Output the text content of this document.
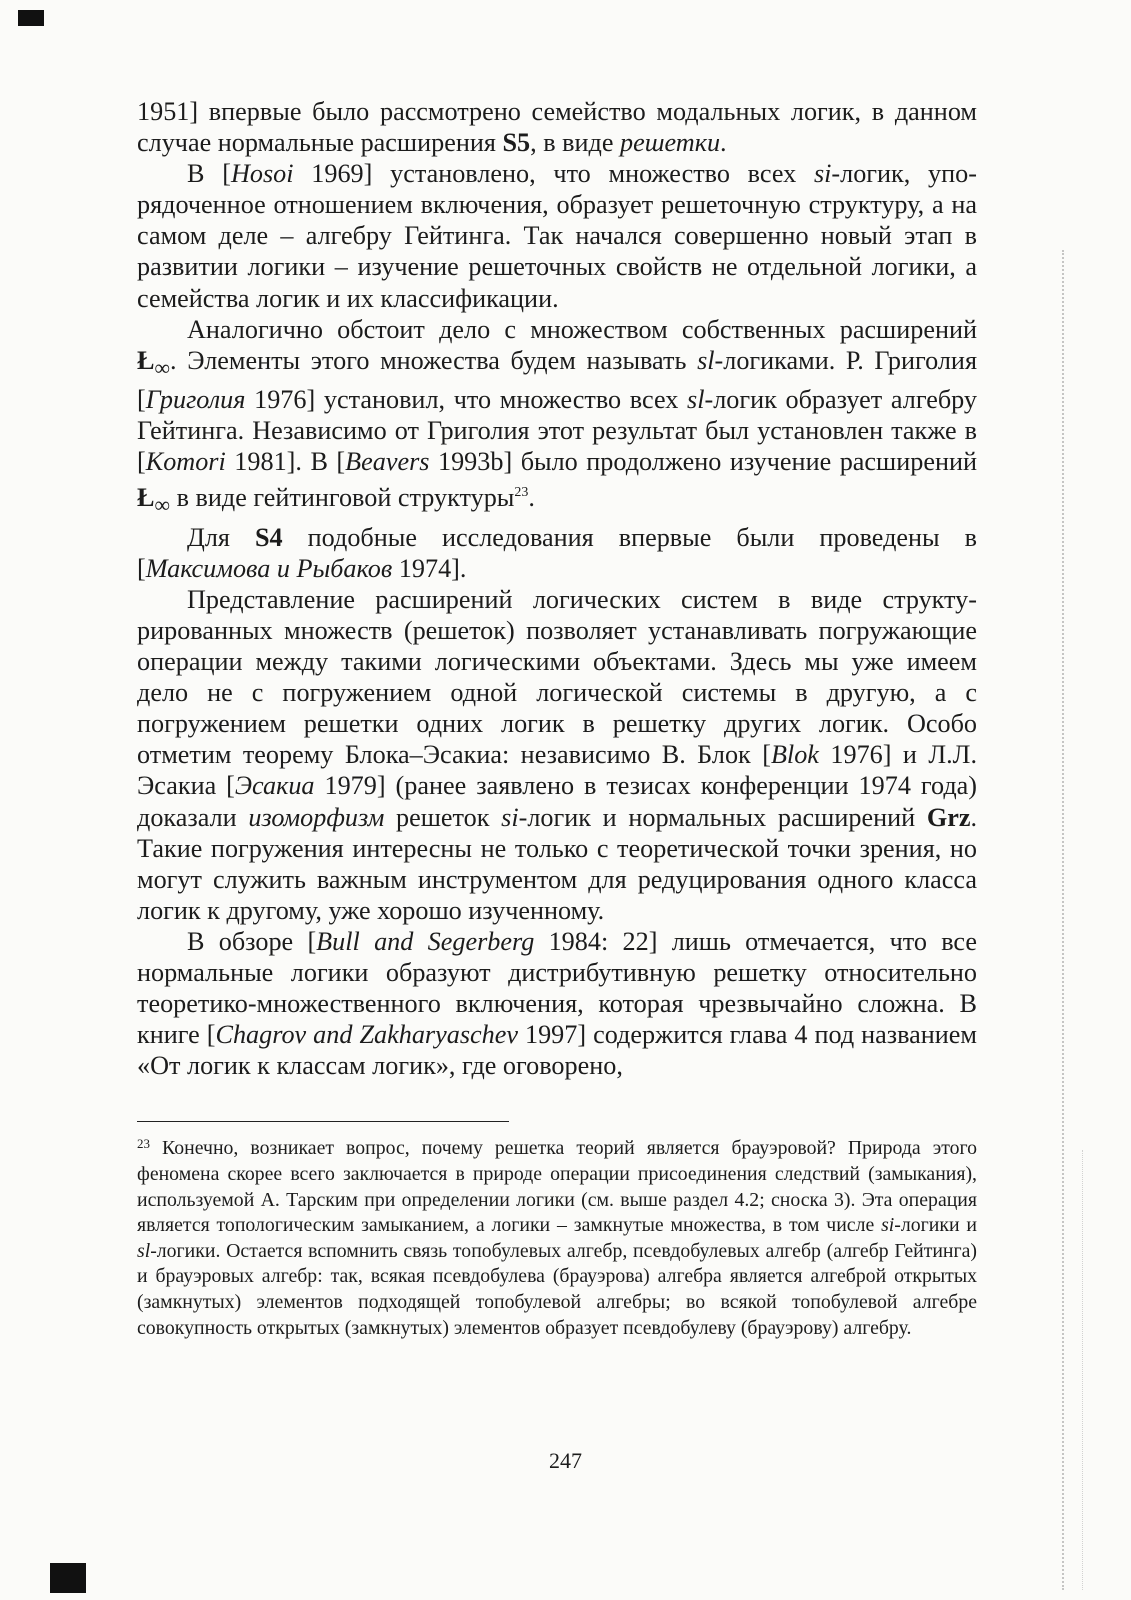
1951] впервые было рассмотрено семейство модальных логик, в данном случае нормальные расширения S5, в виде решетки.

В [Hosoi 1969] установлено, что множество всех si-логик, упорядоченное отношением включения, образует решеточную структуру, а на самом деле – алгебру Гейтинга. Так начался совершенно новый этап в развитии логики – изучение решеточных свойств не отдельной логики, а семейства логик и их классификации.

Аналогично обстоит дело с множеством собственных расширений $Ł_\infty$. Элементы этого множества будем называть sl-логиками. Р. Григолия [Григолия 1976] установил, что множество всех sl-логик образует алгебру Гейтинга. Независимо от Григолия этот результат был установлен также в [Komori 1981]. В [Beavers 1993b] было продолжено изучение расширений $Ł_\infty$ в виде гейтинговой структуры$^{23}$.

Для S4 подобные исследования впервые были проведены в [Максимова и Рыбаков 1974].

Представление расширений логических систем в виде структурированных множеств (решеток) позволяет устанавливать погружающие операции между такими логическими объектами. Здесь мы уже имеем дело не с погружением одной логической системы в другую, а с погружением решетки одних логик в решетку других логик. Особо отметим теорему Блока–Эсакиа: независимо В. Блок [Blok 1976] и Л.Л. Эсакиа [Эсакиа 1979] (ранее заявлено в тезисах конференции 1974 года) доказали изоморфизм решеток si-логик и нормальных расширений Grz. Такие погружения интересны не только с теоретической точки зрения, но могут служить важным инструментом для редуцирования одного класса логик к другому, уже хорошо изученному.

В обзоре [Bull and Segerberg 1984: 22] лишь отмечается, что все нормальные логики образуют дистрибутивную решетку относительно теоретико-множественного включения, которая чрезвычайно сложна. В книге [Chagrov and Zakharyaschev 1997] содержится глава 4 под названием «От логик к классам логик», где оговорено,

$^{23}$ Конечно, возникает вопрос, почему решетка теорий является брауэровой? Природа этого феномена скорее всего заключается в природе операции присоединения следствий (замыкания), используемой А. Тарским при определении логики (см. выше раздел 4.2; сноска 3). Эта операция является топологическим замыканием, а логики – замкнутые множества, в том числе si-логики и sl-логики. Остается вспомнить связь топобулевых алгебр, псевдобулевых алгебр (алгебр Гейтинга) и брауэровых алгебр: так, всякая псевдобулева (брауэрова) алгебра является алгеброй открытых (замкнутых) элементов подходящей топобулевой алгебры; во всякой топобулевой алгебре совокупность открытых (замкнутых) элементов образует псевдобулеву (брауэрову) алгебру.

247
